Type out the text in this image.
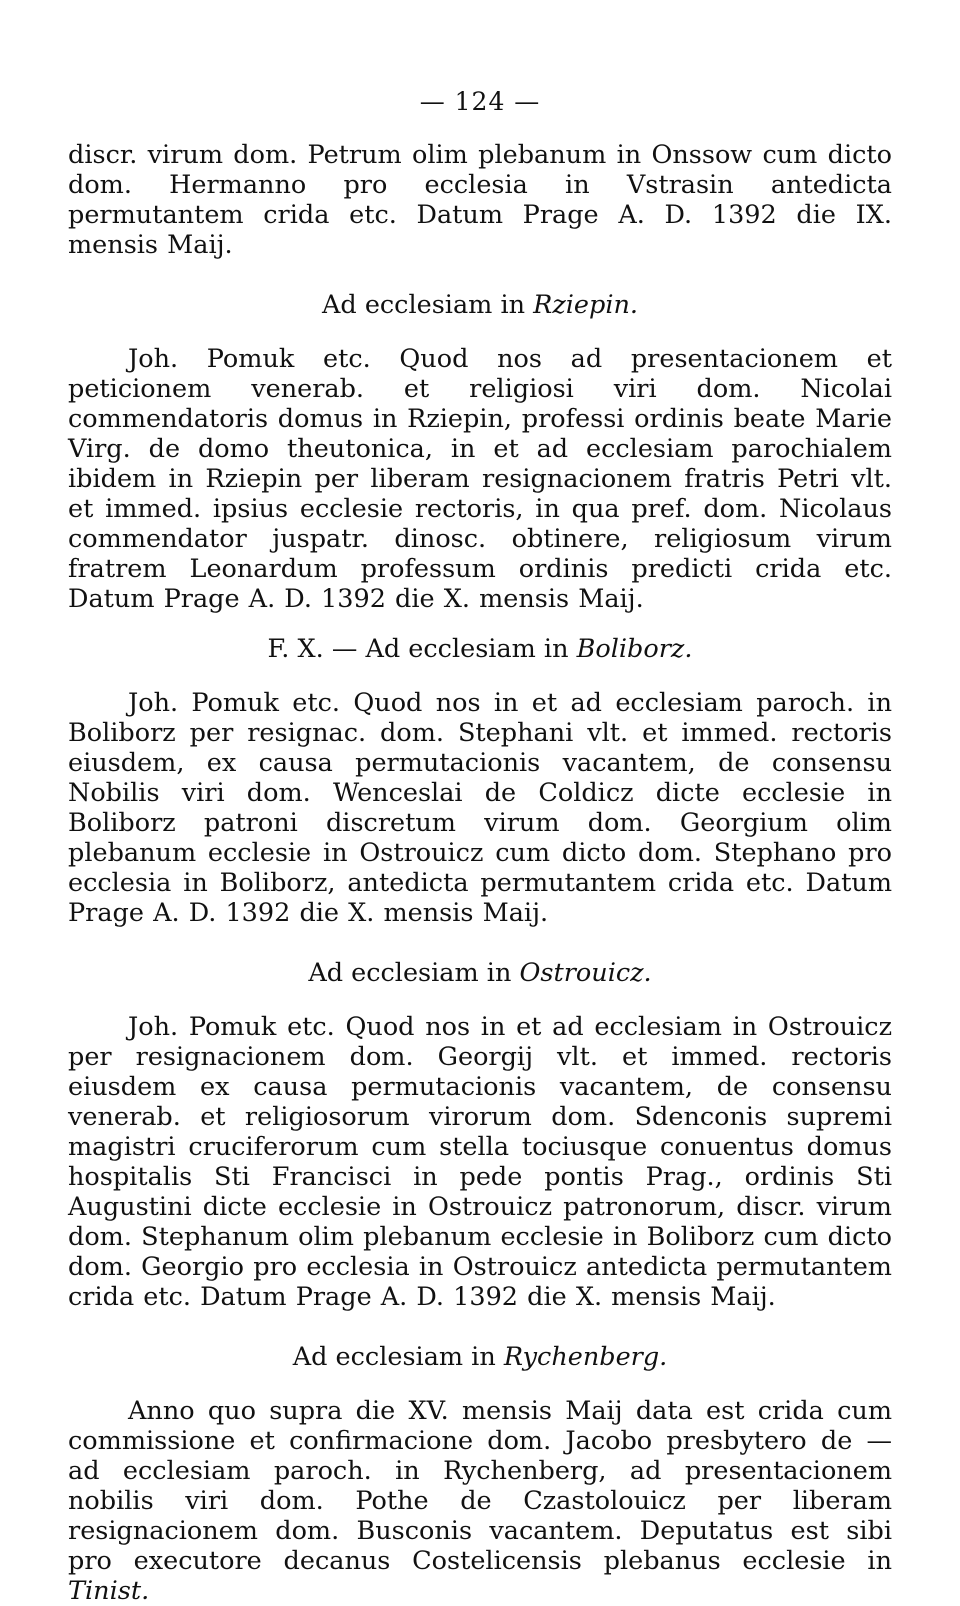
— 124 —

discr. virum dom. Petrum olim plebanum in Onssow cum dicto dom. Hermanno pro ecclesia in Vstrasin antedicta permutantem crida etc. Datum Prage A. D. 1392 die IX. mensis Maij.

Ad ecclesiam in Rziepin.

Joh. Pomuk etc. Quod nos ad presentacionem et peticionem venerab. et religiosi viri dom. Nicolai commendatoris domus in Rziepin, professi ordinis beate Marie Virg. de domo theutonica, in et ad ecclesiam parochialem ibidem in Rziepin per liberam resignacionem fratris Petri vlt. et immed. ipsius ecclesie rectoris, in qua pref. dom. Nicolaus commendator juspatr. dinosc. obtinere, religiosum virum fratrem Leonardum professum ordinis predicti crida etc. Datum Prage A. D. 1392 die X. mensis Maij.

F. X. — Ad ecclesiam in Boliborz.

Joh. Pomuk etc. Quod nos in et ad ecclesiam paroch. in Boliborz per resignac. dom. Stephani vlt. et immed. rectoris eiusdem, ex causa permutacionis vacantem, de consensu Nobilis viri dom. Wenceslai de Coldicz dicte ecclesie in Boliborz patroni discretum virum dom. Georgium olim plebanum ecclesie in Ostrouicz cum dicto dom. Stephano pro ecclesia in Boliborz, antedicta permutantem crida etc. Datum Prage A. D. 1392 die X. mensis Maij.

Ad ecclesiam in Ostrouicz.

Joh. Pomuk etc. Quod nos in et ad ecclesiam in Ostrouicz per resignacionem dom. Georgij vlt. et immed. rectoris eiusdem ex causa permutacionis vacantem, de consensu venerab. et religiosorum virorum dom. Sdenconis supremi magistri cruciferorum cum stella tociusque conuentus domus hospitalis Sti Francisci in pede pontis Prag., ordinis Sti Augustini dicte ecclesie in Ostrouicz patronorum, discr. virum dom. Stephanum olim plebanum ecclesie in Boliborz cum dicto dom. Georgio pro ecclesia in Ostrouicz antedicta permutantem crida etc. Datum Prage A. D. 1392 die X. mensis Maij.

Ad ecclesiam in Rychenberg.

Anno quo supra die XV. mensis Maij data est crida cum commissione et confirmacione dom. Jacobo presbytero de — ad ecclesiam paroch. in Rychenberg, ad presentacionem nobilis viri dom. Pothe de Czastolouicz per liberam resignacionem dom. Busconis vacantem. Deputatus est sibi pro executore decanus Costelicensis plebanus ecclesie in Tinist.
